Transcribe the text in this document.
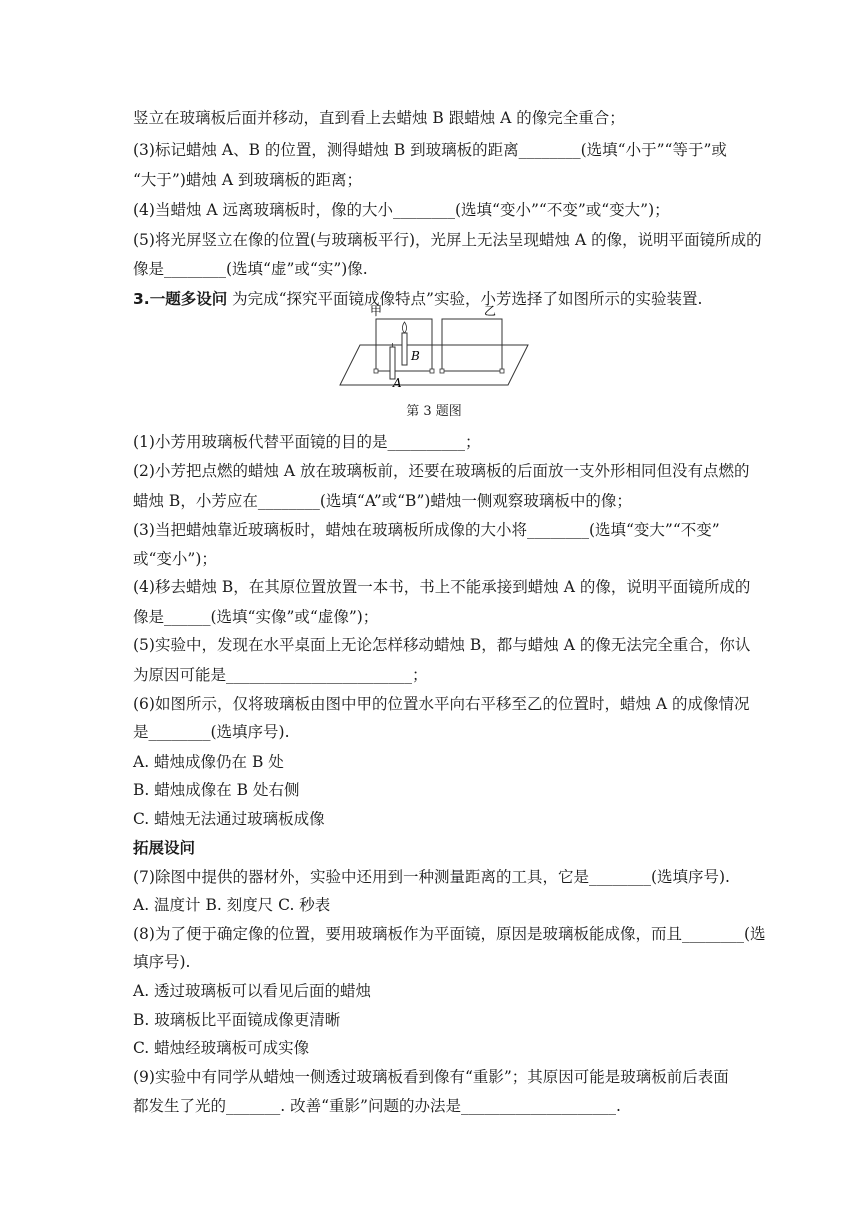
竖立在玻璃板后面并移动，直到看上去蜡烛 B 跟蜡烛 A 的像完全重合；
(3)标记蜡烛 A、B 的位置，测得蜡烛 B 到玻璃板的距离________(选填“小于”“等于”或
“大于”)蜡烛 A 到玻璃板的距离；
(4)当蜡烛 A 远离玻璃板时，像的大小________(选填“变小”“不变”或“变大”)；
(5)将光屏竖立在像的位置(与玻璃板平行)，光屏上无法呈现蜡烛 A 的像，说明平面镜所成的
像是________(选填“虚”或“实”)像.
3.一题多设问 为完成“探究平面镜成像特点”实验，小芳选择了如图所示的实验装置.
甲	乙
B
A
第 3 题图
(1)小芳用玻璃板代替平面镜的目的是__________；
(2)小芳把点燃的蜡烛 A 放在玻璃板前，还要在玻璃板的后面放一支外形相同但没有点燃的
蜡烛 B，小芳应在________(选填“A”或“B”)蜡烛一侧观察玻璃板中的像；
(3)当把蜡烛靠近玻璃板时，蜡烛在玻璃板所成像的大小将________(选填“变大”“不变”
或“变小”)；
(4)移去蜡烛 B，在其原位置放置一本书，书上不能承接到蜡烛 A 的像，说明平面镜所成的
像是______(选填“实像”或“虚像”)；
(5)实验中，发现在水平桌面上无论怎样移动蜡烛 B，都与蜡烛 A 的像无法完全重合，你认
为原因可能是________________________；
(6)如图所示，仅将玻璃板由图中甲的位置水平向右平移至乙的位置时，蜡烛 A 的成像情况
是________(选填序号).
A. 蜡烛成像仍在 B 处
B. 蜡烛成像在 B 处右侧
C. 蜡烛无法通过玻璃板成像
拓展设问
(7)除图中提供的器材外，实验中还用到一种测量距离的工具，它是________(选填序号).
A. 温度计 B. 刻度尺 C. 秒表
(8)为了便于确定像的位置，要用玻璃板作为平面镜，原因是玻璃板能成像，而且________(选
填序号).
A. 透过玻璃板可以看见后面的蜡烛
B. 玻璃板比平面镜成像更清晰
C. 蜡烛经玻璃板可成实像
(9)实验中有同学从蜡烛一侧透过玻璃板看到像有“重影”；其原因可能是玻璃板前后表面
都发生了光的_______. 改善“重影”问题的办法是____________________.
